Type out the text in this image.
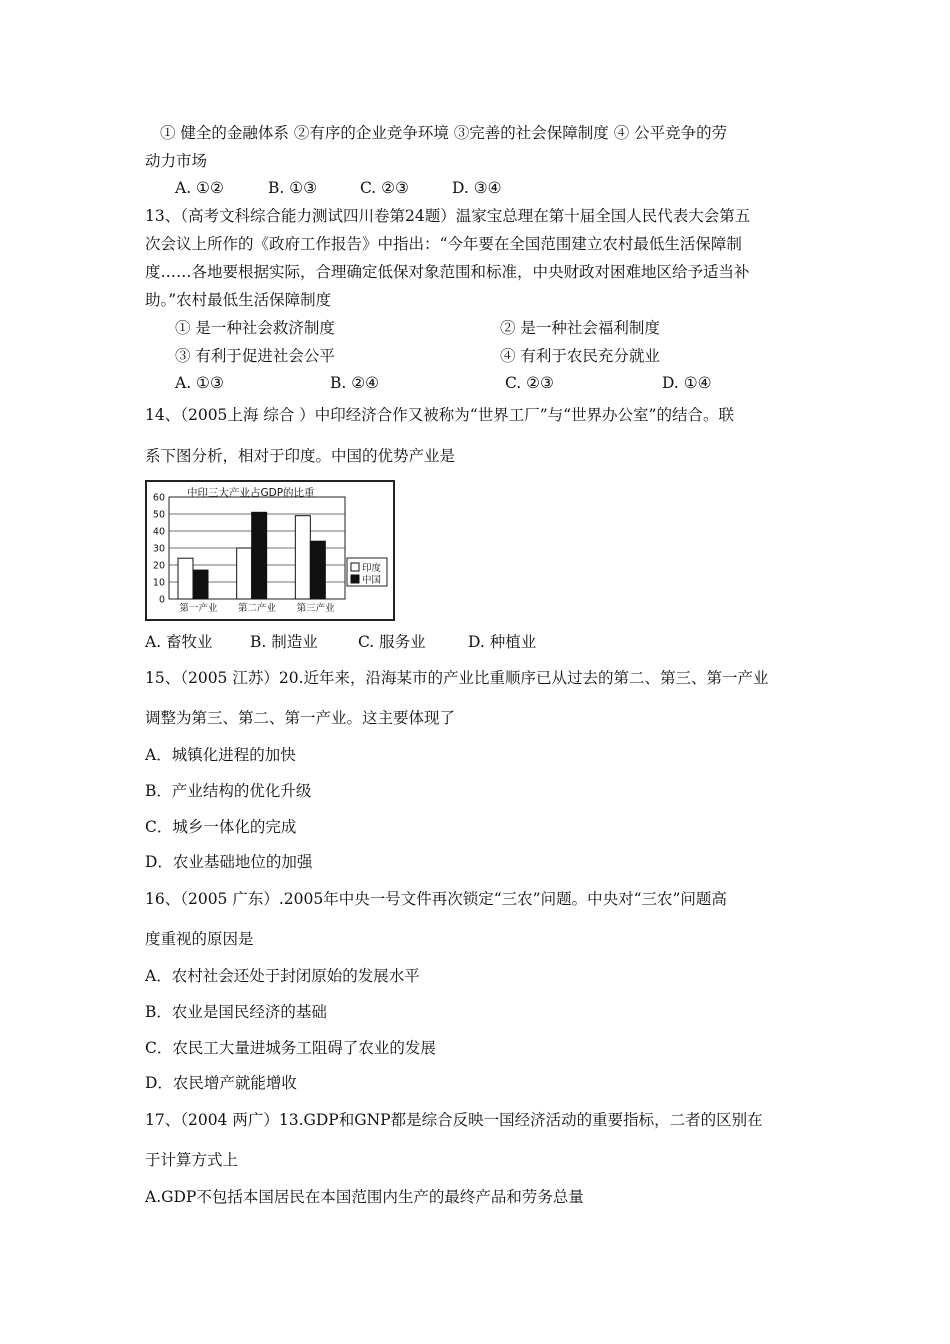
① 健全的金融体系 ②有序的企业竞争环境 ③完善的社会保障制度 ④ 公平竞争的劳
动力市场
A. ①②	B. ①③	C. ②③	D. ③④
13、（高考文科综合能力测试四川卷第24题）温家宝总理在第十届全国人民代表大会第五
次会议上所作的《政府工作报告》中指出：“今年要在全国范围建立农村最低生活保障制
度……各地要根据实际，合理确定低保对象范围和标准，中央财政对困难地区给予适当补
助。”农村最低生活保障制度
① 是一种社会救济制度	② 是一种社会福利制度
③ 有利于促进社会公平	④ 有利于农民充分就业
A. ①③	B. ②④	C. ②③	D. ①④
14、（2005上海 综合 ）中印经济合作又被称为“世界工厂”与“世界办公室”的结合。联
系下图分析，相对于印度。中国的优势产业是
中印三大产业占GDP的比重
0
10
20
30
40
50
60
第一产业 第二产业 第三产业
印度
中国
A. 畜牧业 B. 制造业	C. 服务业	D. 种植业
15、（2005 江苏）20.近年来，沿海某市的产业比重顺序已从过去的第二、第三、第一产业
调整为第三、第二、第一产业。这主要体现了
A．城镇化进程的加快
B．产业结构的优化升级
C．城乡一体化的完成
D．农业基础地位的加强
16、（2005 广东）.2005年中央一号文件再次锁定“三农”问题。中央对“三农”问题高
度重视的原因是
A．农村社会还处于封闭原始的发展水平
B．农业是国民经济的基础
C．农民工大量进城务工阻碍了农业的发展
D．农民增产就能增收
17、（2004 两广）13.GDP和GNP都是综合反映一国经济活动的重要指标，二者的区别在
于计算方式上
A.GDP不包括本国居民在本国范围内生产的最终产品和劳务总量
